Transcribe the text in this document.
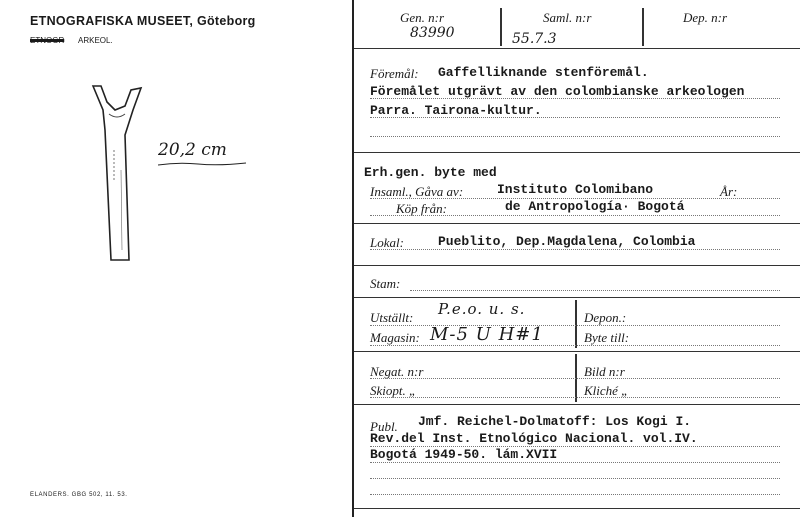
ETNOGRAFISKA MUSEET, Göteborg
ETNOGR ARKEOL.
20,2 cm
ELANDERS. GBG 502, 11. 53.
Gen. n:r
83990
Saml. n:r
55.7.3
Dep. n:r
Föremål: Gaffelliknande stenföremål.
Föremålet utgrävt av den colombianske arkeologen
Parra. Tairona-kultur.
Erh.gen. byte med
Insaml., Gåva av:	Instituto Colomibano	År:
Köp från:	de Antropología· Bogotá
Lokal:	Pueblito, Dep.Magdalena, Colombia
Stam:
Utställt: P.e.o. u. s.	Depon.:
Magasin: M-5 U H#1	Byte till:
Negat. n:r	Bild n:r
Skiopt. „	Kliché „
Publ. Jmf. Reichel-Dolmatoff: Los Kogi I.
Rev.del Inst. Etnológico Nacional. vol.IV.
Bogotá 1949-50. lám.XVII
